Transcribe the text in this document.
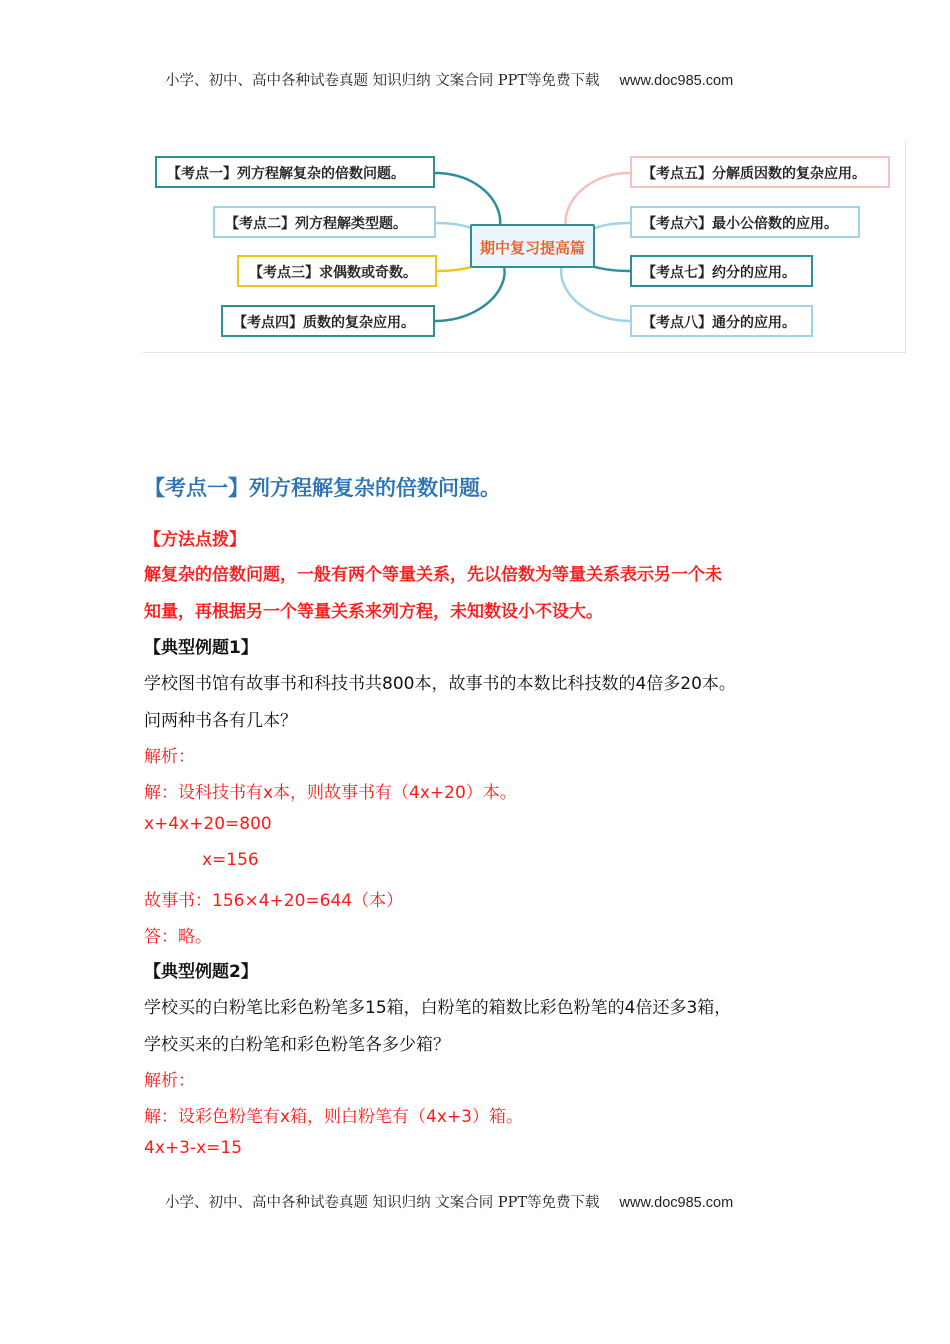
小学、初中、高中各种试卷真题 知识归纳 文案合同 PPT等免费下载 www.doc985.com
期中复习提高篇
【考点一】列方程解复杂的倍数问题。
【考点二】列方程解类型题。
【考点三】求偶数或奇数。
【考点四】质数的复杂应用。
【考点五】分解质因数的复杂应用。
【考点六】最小公倍数的应用。
【考点七】约分的应用。
【考点八】通分的应用。
【考点一】列方程解复杂的倍数问题。
【方法点拨】
解复杂的倍数问题，一般有两个等量关系，先以倍数为等量关系表示另一个未
知量，再根据另一个等量关系来列方程，未知数设小不设大。
【典型例题1】
学校图书馆有故事书和科技书共800本，故事书的本数比科技数的4倍多20本。
问两种书各有几本？
解析：
解：设科技书有x本，则故事书有（4x+20）本。
x+4x+20=800
x=156
故事书：156×4+20=644（本）
答：略。
【典型例题2】
学校买的白粉笔比彩色粉笔多15箱，白粉笔的箱数比彩色粉笔的4倍还多3箱，
学校买来的白粉笔和彩色粉笔各多少箱？
解析：
解：设彩色粉笔有x箱，则白粉笔有（4x+3）箱。
4x+3-x=15
小学、初中、高中各种试卷真题 知识归纳 文案合同 PPT等免费下载 www.doc985.com
